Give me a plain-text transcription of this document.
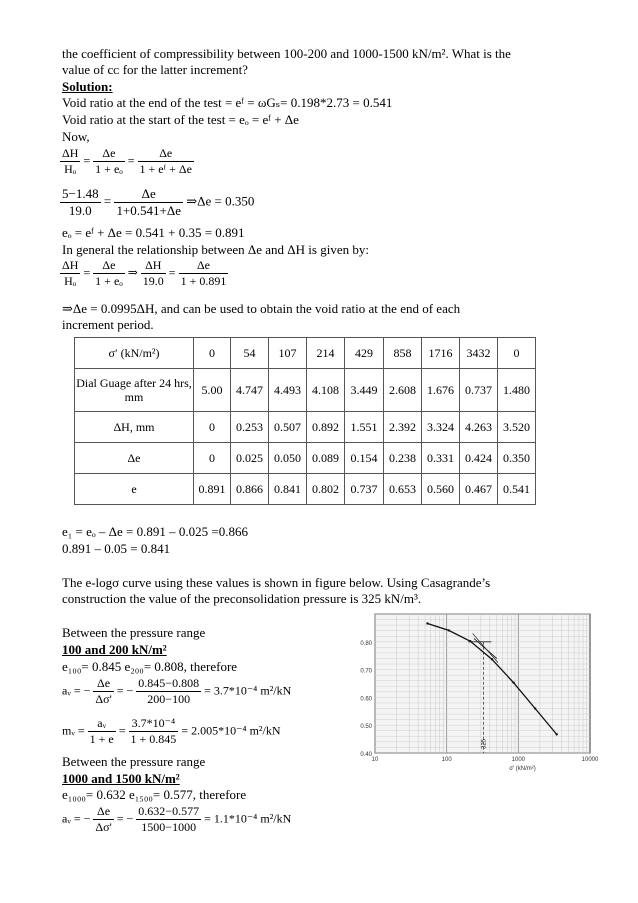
the coefficient of compressibility between 100-200 and 1000-1500 kN/m². What is the
value of cᴄ for the latter increment?
Solution:
Void ratio at the end of the test = eᶠ = ωGₛ= 0.198*2.73 = 0.541
Void ratio at the start of the test = eₒ = eᶠ + Δe
Now,
$\frac{\Delta H}{\text{Hₒ}} = \frac{\Delta e}{\text{1 + eₒ}} = \frac{\Delta e}{\text{1 + eᶠ + Δe}}$
$\frac{5-1.48}{19.0} = \frac{\Delta e}{1+0.541+\Delta e}$ ⇒Δe = 0.350
eₒ = eᶠ + Δe = 0.541 + 0.35 = 0.891
In general the relationship between Δe and ΔH is given by:
$\frac{\Delta H}{\text{Hₒ}} = \frac{\Delta e}{\text{1 + eₒ}}$ ⇒ $\frac{\Delta H}{19.0} = \frac{\Delta e}{1 + 0.891}$
⇒Δe = 0.0995ΔH, and can be used to obtain the void ratio at the end of each
increment period.
σ′ (kN/m²)	0	54	107	214	429	858	1716	3432	0
Dial Guage after 24 hrs, mm	5.00	4.747	4.493	4.108	3.449	2.608	1.676	0.737	1.480
ΔH, mm	0	0.253	0.507	0.892	1.551	2.392	3.324	4.263	3.520
Δe	0	0.025	0.050	0.089	0.154	0.238	0.331	0.424	0.350
e	0.891	0.866	0.841	0.802	0.737	0.653	0.560	0.467	0.541
e₁ = eₒ – Δe = 0.891 – 0.025 =0.866
0.891 – 0.05 = 0.841
The e-logσ curve using these values is shown in figure below. Using Casagrande’s
construction the value of the preconsolidation pressure is 325 kN/m³.
Between the pressure range
100 and 200 kN/m²
e₁₀₀= 0.845 e₂₀₀= 0.808, therefore
aᵥ = − $\frac{\Delta e}{\Delta\sigma'}$ = − $\frac{0.845-0.808}{200-100} = 3.7*10^{-4}$ m²/kN
mᵥ = $\frac{\text{aᵥ}}{1 + e} = \frac{\text{3.7*10⁻⁴}}{1 + 0.845} = 2.005*10^{-4}$ m²/kN
Between the pressure range
1000 and 1500 kN/m²
e₁₀₀₀= 0.632 e₁₅₀₀= 0.577, therefore
aᵥ = − $\frac{\Delta e}{\Delta\sigma'}$ = − $\frac{0.632-0.577}{1500-1000} = 1.1*10^{-4}$ m²/kN
0.80
0.70
0.60
0.50
0.40
10	100	1000	10000
σ′ (kN/m²)
325
